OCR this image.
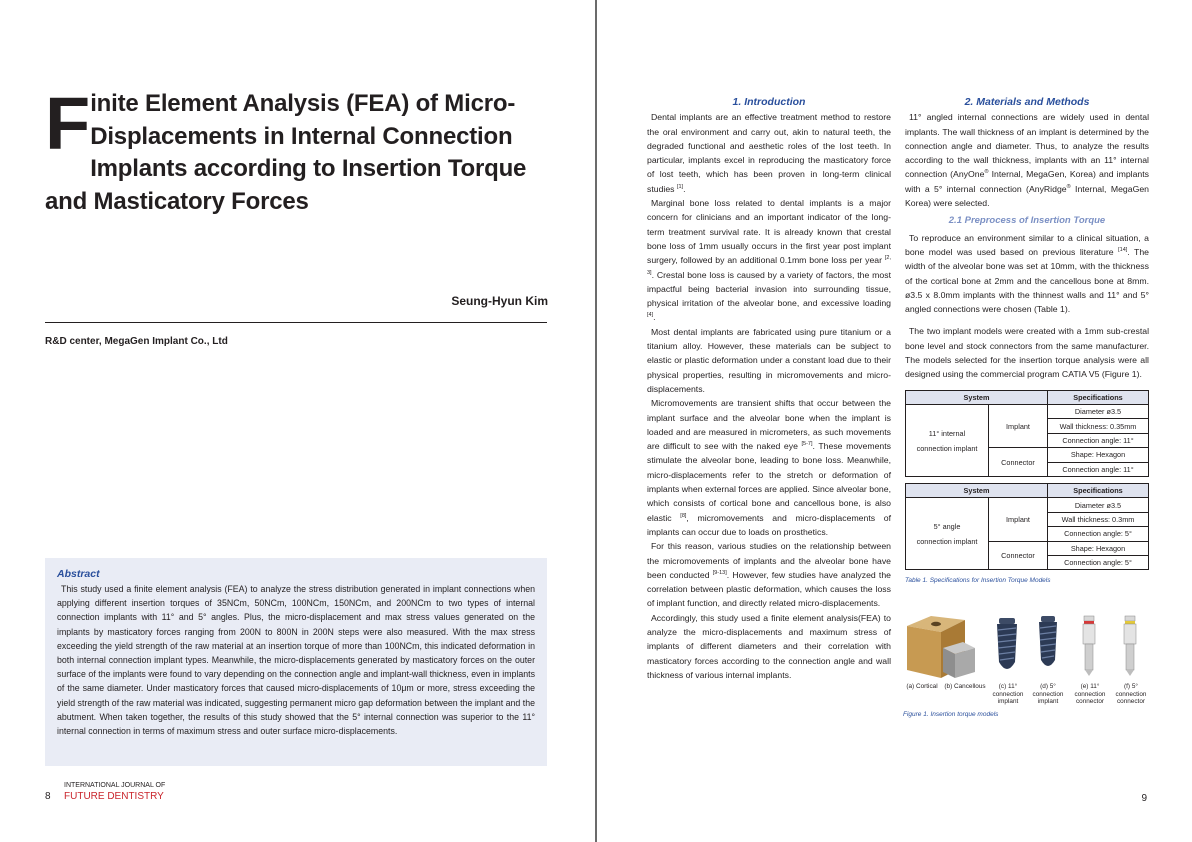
Finite Element Analysis (FEA) of Micro-Displacements in Internal Connection Implants according to Insertion Torque and Masticatory Forces
Seung-Hyun Kim
R&D center, MegaGen Implant Co., Ltd
Abstract

This study used a finite element analysis (FEA) to analyze the stress distribution generated in implant connections when applying different insertion torques of 35NCm, 50NCm, 100NCm, 150NCm, and 200NCm to two types of internal connection implants with 11° and 5° angles. Plus, the micro-displacement and max stress values generated on the implants by masticatory forces ranging from 200N to 800N in 200N steps were also measured. With the max stress exceeding the yield strength of the raw material at an insertion torque of more than 100NCm, this indicated deformation in both internal connection implant types. Meanwhile, the micro-displacements generated by masticatory forces on the outer surface of the implants were found to vary depending on the connection angle and implant-wall thickness, even in implants of the same diameter. Under masticatory forces that caused micro-displacements of 10μm or more, stress exceeding the yield strength of the raw material was indicated, suggesting permanent micro gap deformation between the implant and the abutment. When taken together, the results of this study showed that the 5° internal connection was superior to the 11° internal connection in terms of maximum stress and outer surface micro-displacements.

8
INTERNATIONAL JOURNAL OF
FUTURE DENTISTRY
1. Introduction

Dental implants are an effective treatment method to restore the oral environment and carry out, akin to natural teeth, the degraded functional and aesthetic roles of the lost teeth. In particular, implants excel in reproducing the masticatory force of lost teeth, which has been proven in long-term clinical studies [1].

Marginal bone loss related to dental implants is a major concern for clinicians and an important indicator of the long-term treatment survival rate. It is already known that crestal bone loss of 1mm usually occurs in the first year post implant surgery, followed by an additional 0.1mm bone loss per year [2, 3]. Crestal bone loss is caused by a variety of factors, the most impactful being bacterial invasion into surrounding tissue, physical irritation of the alveolar bone, and excessive loading [4].

Most dental implants are fabricated using pure titanium or a titanium alloy. However, these materials can be subject to elastic or plastic deformation under a constant load due to their physical properties, resulting in micromovements and micro-displacements.

Micromovements are transient shifts that occur between the implant surface and the alveolar bone when the implant is loaded and are measured in micrometers, as such movements are difficult to see with the naked eye [5-7]. These movements stimulate the alveolar bone, leading to bone loss. Meanwhile, micro-displacements refer to the stretch or deformation of implants when external forces are applied. Since alveolar bone, which consists of cortical bone and cancellous bone, is also elastic [8], micromovements and micro-displacements of implants can occur due to loads on prosthetics.

For this reason, various studies on the relationship between the micromovements of implants and the alveolar bone have been conducted [9-13]. However, few studies have analyzed the correlation between plastic deformation, which causes the loss of implant function, and directly related micro-displacements.

Accordingly, this study used a finite element analysis(FEA) to analyze the micro-displacements and maximum stress of implants of different diameters and their correlation with masticatory forces according to the connection angle and wall thickness of various internal implants.

2. Materials and Methods

11° angled internal connections are widely used in dental implants. The wall thickness of an implant is determined by the connection angle and diameter. Thus, to analyze the results according to the wall thickness, implants with an 11° internal connection (AnyOne® Internal, MegaGen, Korea) and implants with a 5° internal connection (AnyRidge® Internal, MegaGen Korea) were selected.

2.1 Preprocess of Insertion Torque

To reproduce an environment similar to a clinical situation, a bone model was used based on previous literature [14]. The width of the alveolar bone was set at 10mm, with the thickness of the cortical bone at 2mm and the cancellous bone at 8mm. ø3.5 x 8.0mm implants with the thinnest walls and 11° and 5° angled connections were chosen (Table 1).

The two implant models were created with a 1mm sub-crestal bone level and stock connectors from the same manufacturer. The models selected for the insertion torque analysis were all designed using the commercial program CATIA V5 (Figure 1).

System		Specifications
11° internal connection implant	Implant	Diameter ø3.5
		Wall thickness: 0.35mm
		Connection angle: 11°
	Connector	Shape: Hexagon
		Connection angle: 11°
System		Specifications
5° angle connection implant	Implant	Diameter ø3.5
		Wall thickness: 0.3mm
		Connection angle: 5°
	Connector	Shape: Hexagon
		Connection angle: 5°
Table 1. Specifications for Insertion Torque Models
(a) Cortical	(b) Cancellous	(c) 11° connection implant
(d) 5° connection implant
(e) 11° connection connector
(f) 5° connection connector
Figure 1. Insertion torque models
9
